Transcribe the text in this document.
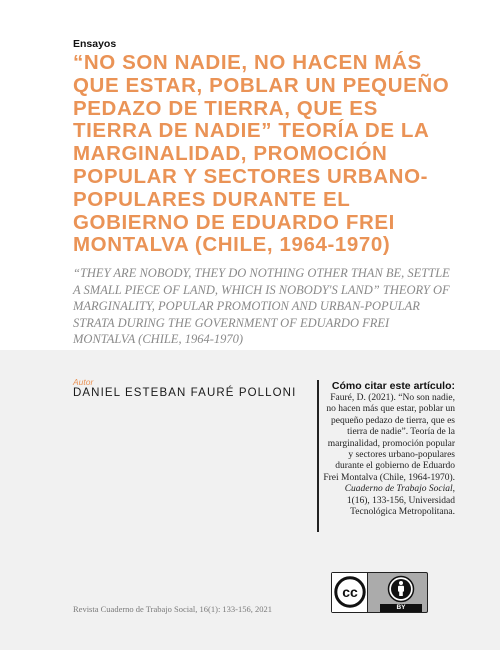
Ensayos
“NO SON NADIE, NO HACEN MÁS QUE ESTAR, POBLAR UN PEQUEÑO PEDAZO DE TIERRA, QUE ES TIERRA DE NADIE” TEORÍA DE LA MARGINALIDAD, PROMOCIÓN POPULAR Y SECTORES URBANO-POPULARES DURANTE EL GOBIERNO DE EDUARDO FREI MONTALVA (CHILE, 1964-1970)

“THEY ARE NOBODY, THEY DO NOTHING OTHER THAN BE, SETTLE A SMALL PIECE OF LAND, WHICH IS NOBODY'S LAND” THEORY OF MARGINALITY, POPULAR PROMOTION AND URBAN-POPULAR STRATA DURING THE GOVERNMENT OF EDUARDO FREI MONTALVA (CHILE, 1964-1970)

Autor
DANIEL ESTEBAN FAURÉ POLLONI
Cómo citar este artículo:

Fauré, D. (2021). “No son nadie, no hacen más que estar, poblar un pequeño pedazo de tierra, que es tierra de nadie”. Teoría de la marginalidad, promoción popular y sectores urbano-populares durante el gobierno de Eduardo Frei Montalva (Chile, 1964-1970). Cuaderno de Trabajo Social, 1(16), 133-156, Universidad Tecnológica Metropolitana.

cc
BY
Revista Cuaderno de Trabajo Social, 16(1): 133-156, 2021
